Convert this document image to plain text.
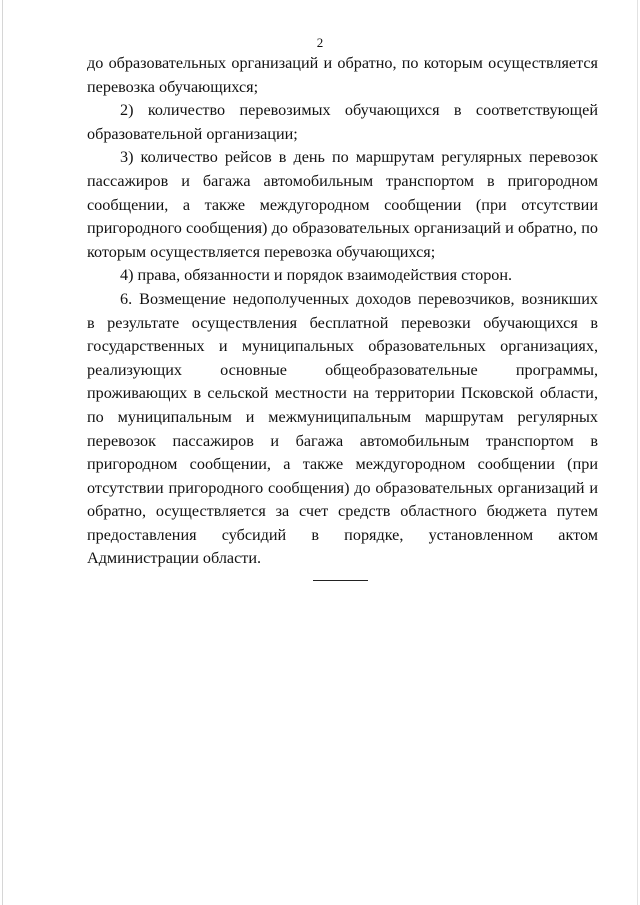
2

до образовательных организаций и обратно, по которым осуществляется
перевозка обучающихся;

2) количество перевозимых обучающихся в соответствующей
образовательной организации;

3) количество рейсов в день по маршрутам регулярных перевозок
пассажиров и багажа автомобильным транспортом в пригородном
сообщении, а также междугородном сообщении (при отсутствии
пригородного сообщения) до образовательных организаций и обратно, по
которым осуществляется перевозка обучающихся;

4) права, обязанности и порядок взаимодействия сторон.

6. Возмещение недополученных доходов перевозчиков, возникших
в результате осуществления бесплатной перевозки обучающихся в
государственных и муниципальных образовательных организациях,
реализующих основные общеобразовательные программы,
проживающих в сельской местности на территории Псковской области,
по муниципальным и межмуниципальным маршрутам регулярных
перевозок пассажиров и багажа автомобильным транспортом в
пригородном сообщении, а также междугородном сообщении (при
отсутствии пригородного сообщения) до образовательных организаций и
обратно, осуществляется за счет средств областного бюджета путем
предоставления субсидий в порядке, установленном актом
Администрации области.
